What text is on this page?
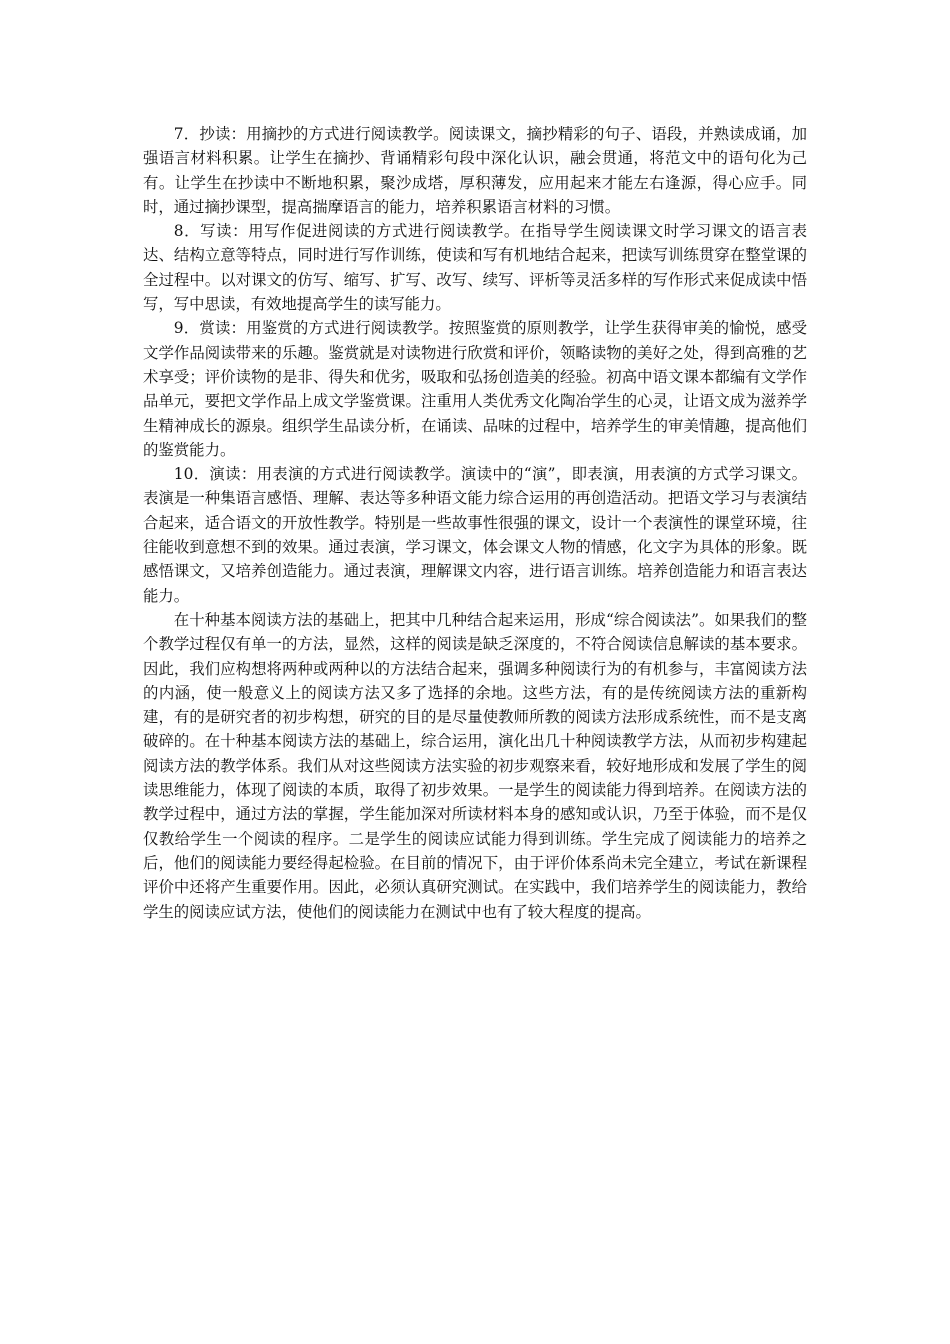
7．抄读：用摘抄的方式进行阅读教学。阅读课文，摘抄精彩的句子、语段，并熟读成诵，加强语言材料积累。让学生在摘抄、背诵精彩句段中深化认识，融会贯通，将范文中的语句化为己有。让学生在抄读中不断地积累，聚沙成塔，厚积薄发，应用起来才能左右逢源，得心应手。同时，通过摘抄课型，提高揣摩语言的能力，培养积累语言材料的习惯。

8．写读：用写作促进阅读的方式进行阅读教学。在指导学生阅读课文时学习课文的语言表达、结构立意等特点，同时进行写作训练，使读和写有机地结合起来，把读写训练贯穿在整堂课的全过程中。以对课文的仿写、缩写、扩写、改写、续写、评析等灵活多样的写作形式来促成读中悟写，写中思读，有效地提高学生的读写能力。

9．赏读：用鉴赏的方式进行阅读教学。按照鉴赏的原则教学，让学生获得审美的愉悦，感受文学作品阅读带来的乐趣。鉴赏就是对读物进行欣赏和评价，领略读物的美好之处，得到高雅的艺术享受；评价读物的是非、得失和优劣，吸取和弘扬创造美的经验。初高中语文课本都编有文学作品单元，要把文学作品上成文学鉴赏课。注重用人类优秀文化陶冶学生的心灵，让语文成为滋养学生精神成长的源泉。组织学生品读分析，在诵读、品味的过程中，培养学生的审美情趣，提高他们的鉴赏能力。

10．演读：用表演的方式进行阅读教学。演读中的“演”，即表演，用表演的方式学习课文。表演是一种集语言感悟、理解、表达等多种语文能力综合运用的再创造活动。把语文学习与表演结合起来，适合语文的开放性教学。特别是一些故事性很强的课文，设计一个表演性的课堂环境，往往能收到意想不到的效果。通过表演，学习课文，体会课文人物的情感，化文字为具体的形象。既感悟课文，又培养创造能力。通过表演，理解课文内容，进行语言训练。培养创造能力和语言表达能力。

在十种基本阅读方法的基础上，把其中几种结合起来运用，形成“综合阅读法”。如果我们的整个教学过程仅有单一的方法，显然，这样的阅读是缺乏深度的，不符合阅读信息解读的基本要求。因此，我们应构想将两种或两种以的方法结合起来，强调多种阅读行为的有机参与，丰富阅读方法的内涵，使一般意义上的阅读方法又多了选择的余地。这些方法，有的是传统阅读方法的重新构建，有的是研究者的初步构想，研究的目的是尽量使教师所教的阅读方法形成系统性，而不是支离破碎的。在十种基本阅读方法的基础上，综合运用，演化出几十种阅读教学方法，从而初步构建起阅读方法的教学体系。我们从对这些阅读方法实验的初步观察来看，较好地形成和发展了学生的阅读思维能力，体现了阅读的本质，取得了初步效果。一是学生的阅读能力得到培养。在阅读方法的教学过程中，通过方法的掌握，学生能加深对所读材料本身的感知或认识，乃至于体验，而不是仅仅教给学生一个阅读的程序。二是学生的阅读应试能力得到训练。学生完成了阅读能力的培养之后，他们的阅读能力要经得起检验。在目前的情况下，由于评价体系尚未完全建立，考试在新课程评价中还将产生重要作用。因此，必须认真研究测试。在实践中，我们培养学生的阅读能力，教给学生的阅读应试方法，使他们的阅读能力在测试中也有了较大程度的提高。
